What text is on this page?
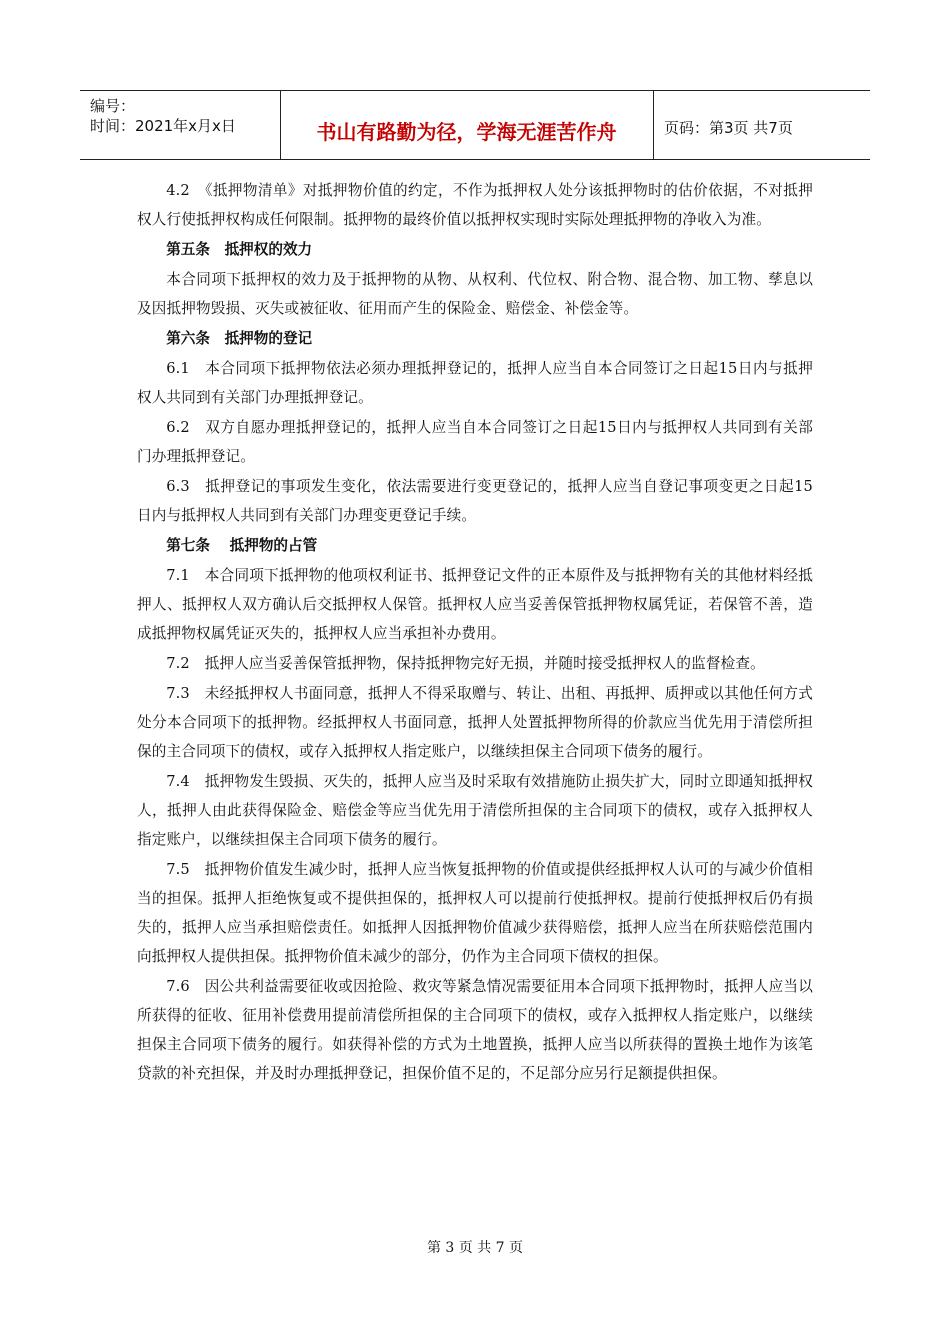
编号：
时间：2021年x月x日	书山有路勤为径，学海无涯苦作舟	页码：第3页 共7页

4.2　《抵押物清单》对抵押物价值的约定，不作为抵押权人处分该抵押物时的估价依据，不对抵押权人行使抵押权构成任何限制。抵押物的最终价值以抵押权实现时实际处理抵押物的净收入为准。

第五条　抵押权的效力

本合同项下抵押权的效力及于抵押物的从物、从权利、代位权、附合物、混合物、加工物、孳息以及因抵押物毁损、灭失或被征收、征用而产生的保险金、赔偿金、补偿金等。

第六条　抵押物的登记

6.1　本合同项下抵押物依法必须办理抵押登记的，抵押人应当自本合同签订之日起15日内与抵押权人共同到有关部门办理抵押登记。

6.2　双方自愿办理抵押登记的，抵押人应当自本合同签订之日起15日内与抵押权人共同到有关部门办理抵押登记。

6.3　抵押登记的事项发生变化，依法需要进行变更登记的，抵押人应当自登记事项变更之日起15日内与抵押权人共同到有关部门办理变更登记手续。

第七条　 抵押物的占管

7.1　本合同项下抵押物的他项权利证书、抵押登记文件的正本原件及与抵押物有关的其他材料经抵押人、抵押权人双方确认后交抵押权人保管。抵押权人应当妥善保管抵押物权属凭证，若保管不善，造成抵押物权属凭证灭失的，抵押权人应当承担补办费用。

7.2　抵押人应当妥善保管抵押物，保持抵押物完好无损，并随时接受抵押权人的监督检查。

7.3　未经抵押权人书面同意，抵押人不得采取赠与、转让、出租、再抵押、质押或以其他任何方式处分本合同项下的抵押物。经抵押权人书面同意，抵押人处置抵押物所得的价款应当优先用于清偿所担保的主合同项下的债权，或存入抵押权人指定账户，以继续担保主合同项下债务的履行。

7.4　抵押物发生毁损、灭失的，抵押人应当及时采取有效措施防止损失扩大，同时立即通知抵押权人，抵押人由此获得保险金、赔偿金等应当优先用于清偿所担保的主合同项下的债权，或存入抵押权人指定账户，以继续担保主合同项下债务的履行。

7.5　抵押物价值发生减少时，抵押人应当恢复抵押物的价值或提供经抵押权人认可的与减少价值相当的担保。抵押人拒绝恢复或不提供担保的，抵押权人可以提前行使抵押权。提前行使抵押权后仍有损失的，抵押人应当承担赔偿责任。如抵押人因抵押物价值减少获得赔偿，抵押人应当在所获赔偿范围内向抵押权人提供担保。抵押物价值未减少的部分，仍作为主合同项下债权的担保。

7.6　因公共利益需要征收或因抢险、救灾等紧急情况需要征用本合同项下抵押物时，抵押人应当以所获得的征收、征用补偿费用提前清偿所担保的主合同项下的债权，或存入抵押权人指定账户，以继续担保主合同项下债务的履行。如获得补偿的方式为土地置换，抵押人应当以所获得的置换土地作为该笔贷款的补充担保，并及时办理抵押登记，担保价值不足的，不足部分应另行足额提供担保。

第 3 页 共 7 页
